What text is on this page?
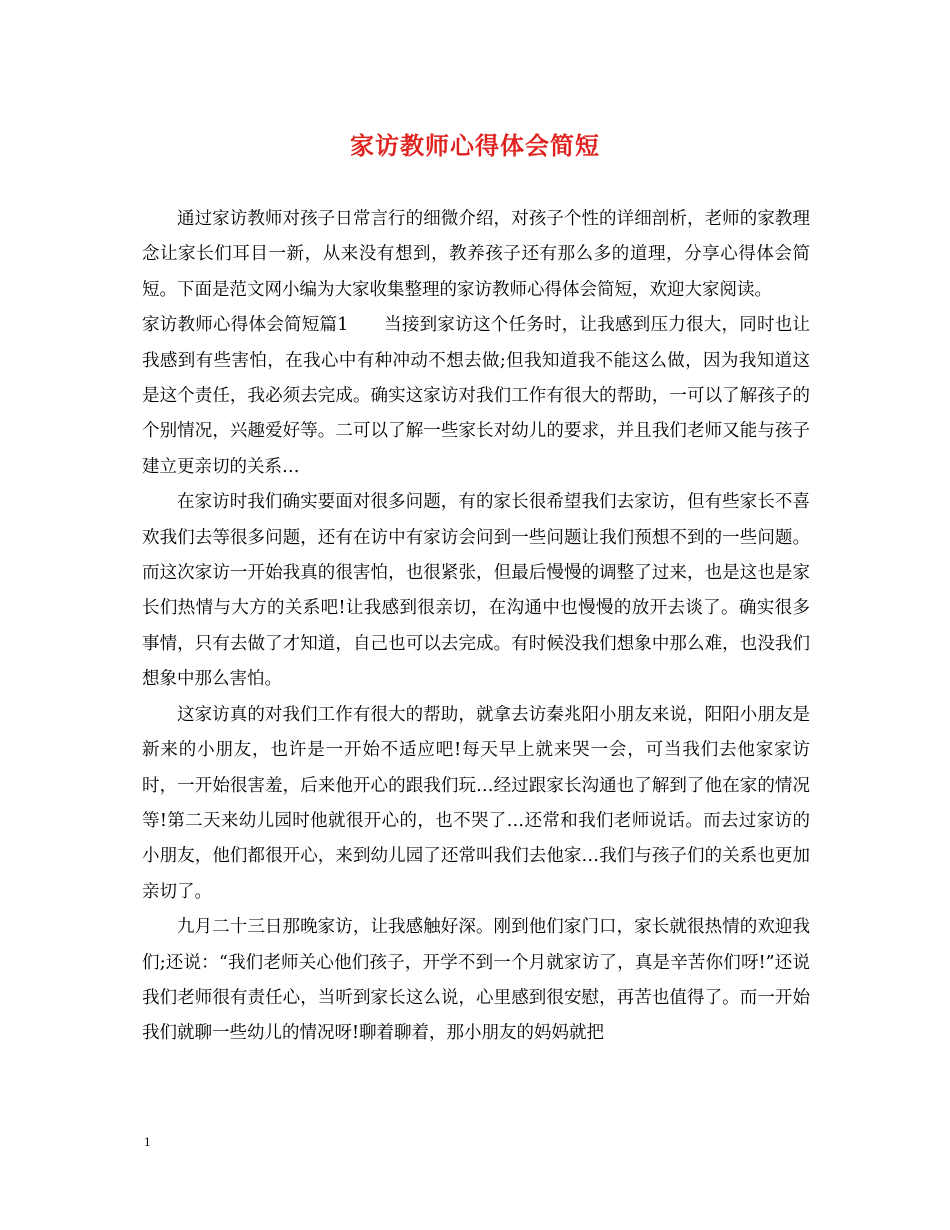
家访教师心得体会简短

通过家访教师对孩子日常言行的细微介绍，对孩子个性的详细剖析，老师的家教理念让家长们耳目一新，从来没有想到，教养孩子还有那么多的道理，分享心得体会简短。下面是范文网小编为大家收集整理的家访教师心得体会简短，欢迎大家阅读。

家访教师心得体会简短篇1　　当接到家访这个任务时，让我感到压力很大，同时也让我感到有些害怕，在我心中有种冲动不想去做;但我知道我不能这么做，因为我知道这是这个责任，我必须去完成。确实这家访对我们工作有很大的帮助，一可以了解孩子的个别情况，兴趣爱好等。二可以了解一些家长对幼儿的要求，并且我们老师又能与孩子建立更亲切的关系…

在家访时我们确实要面对很多问题，有的家长很希望我们去家访，但有些家长不喜欢我们去等很多问题，还有在访中有家访会问到一些问题让我们预想不到的一些问题。而这次家访一开始我真的很害怕，也很紧张，但最后慢慢的调整了过来，也是这也是家长们热情与大方的关系吧!让我感到很亲切，在沟通中也慢慢的放开去谈了。确实很多事情，只有去做了才知道，自己也可以去完成。有时候没我们想象中那么难，也没我们想象中那么害怕。

这家访真的对我们工作有很大的帮助，就拿去访秦兆阳小朋友来说，阳阳小朋友是新来的小朋友，也许是一开始不适应吧!每天早上就来哭一会，可当我们去他家家访时，一开始很害羞，后来他开心的跟我们玩…经过跟家长沟通也了解到了他在家的情况等!第二天来幼儿园时他就很开心的，也不哭了…还常和我们老师说话。而去过家访的小朋友，他们都很开心，来到幼儿园了还常叫我们去他家…我们与孩子们的关系也更加亲切了。

九月二十三日那晚家访，让我感触好深。刚到他们家门口，家长就很热情的欢迎我们;还说：“我们老师关心他们孩子，开学不到一个月就家访了，真是辛苦你们呀!”还说我们老师很有责任心，当听到家长这么说，心里感到很安慰，再苦也值得了。而一开始我们就聊一些幼儿的情况呀!聊着聊着，那小朋友的妈妈就把

1
